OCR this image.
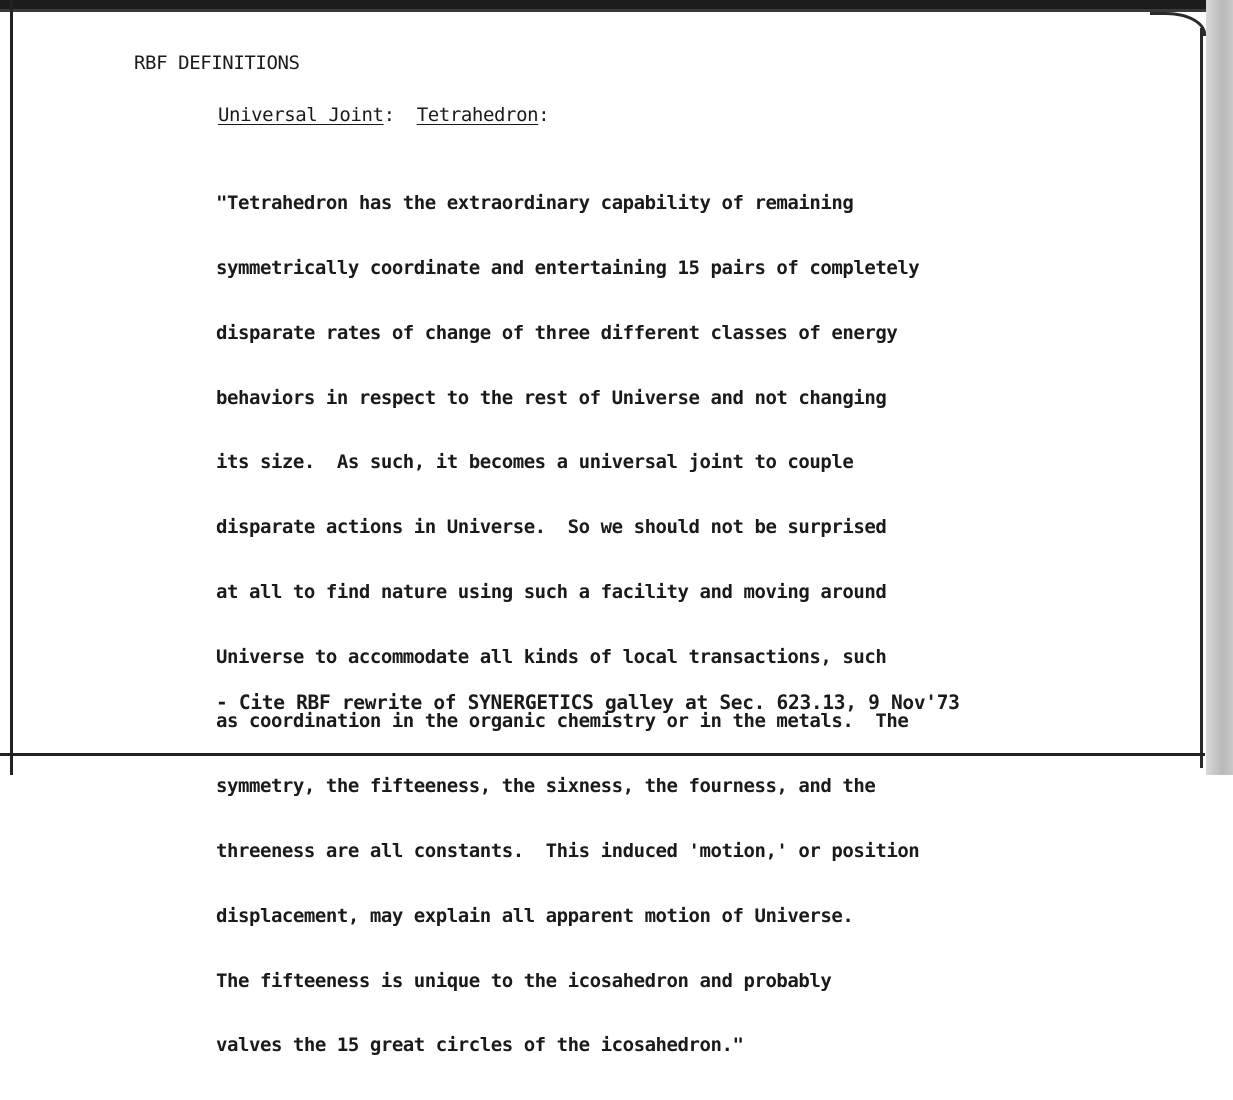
RBF DEFINITIONS
Universal Joint:  Tetrahedron:

"Tetrahedron has the extraordinary capability of remaining

symmetrically coordinate and entertaining 15 pairs of completely

disparate rates of change of three different classes of energy

behaviors in respect to the rest of Universe and not changing

its size.  As such, it becomes a universal joint to couple

disparate actions in Universe.  So we should not be surprised

at all to find nature using such a facility and moving around

Universe to accommodate all kinds of local transactions, such

as coordination in the organic chemistry or in the metals.  The

symmetry, the fifteeness, the sixness, the fourness, and the

threeness are all constants.  This induced 'motion,' or position

displacement, may explain all apparent motion of Universe.

The fifteeness is unique to the icosahedron and probably

valves the 15 great circles of the icosahedron."

- Cite RBF rewrite of SYNERGETICS galley at Sec. 623.13, 9 Nov'73
